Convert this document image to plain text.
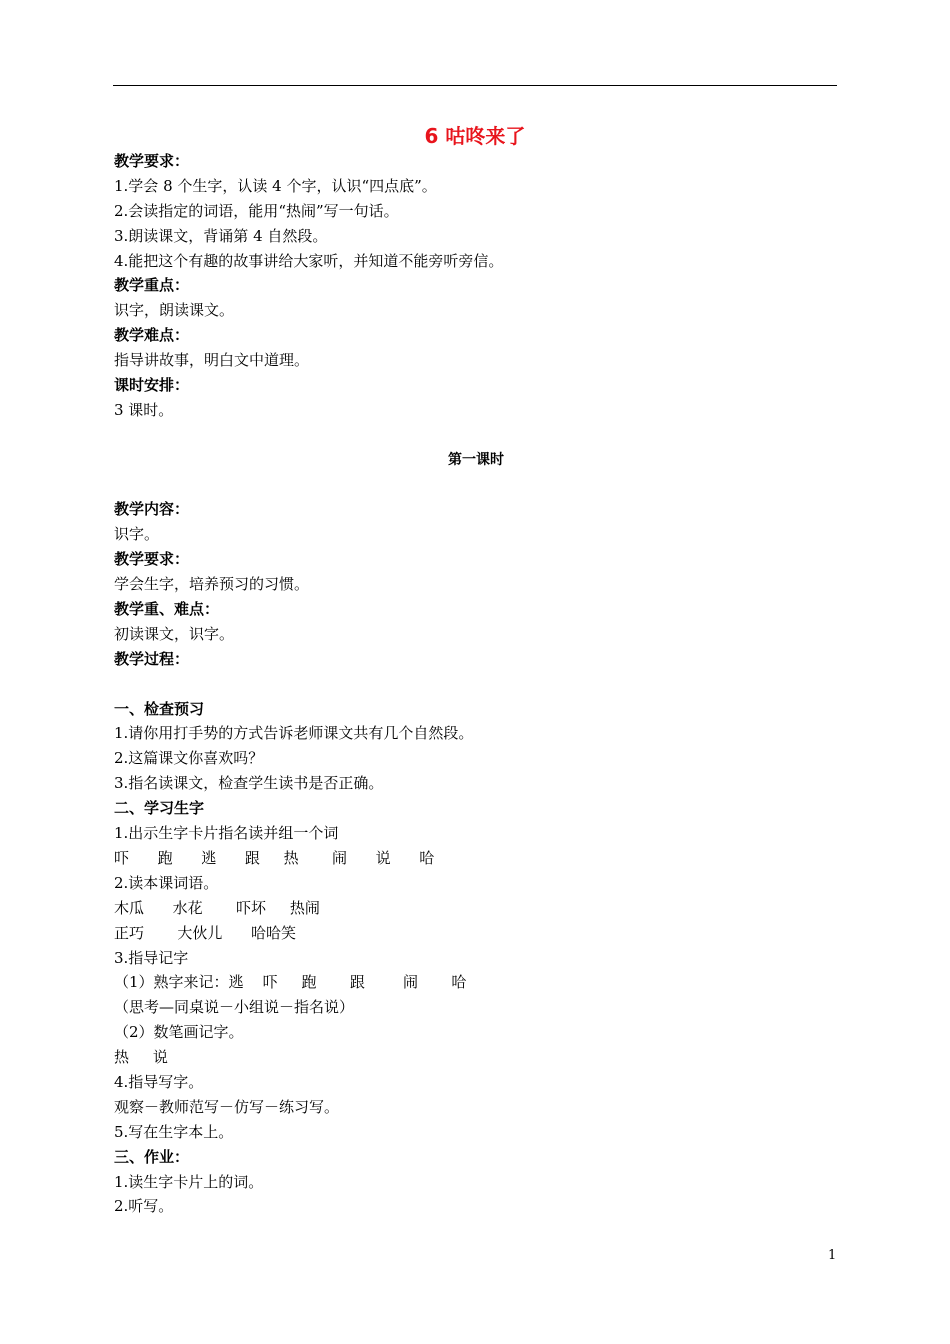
6 咕咚来了
教学要求：
1.学会 8 个生字，认读 4 个字，认识“四点底”。
2.会读指定的词语，能用“热闹”写一句话。
3.朗读课文，背诵第 4 自然段。
4.能把这个有趣的故事讲给大家听，并知道不能旁听旁信。
教学重点：
识字，朗读课文。
教学难点：
指导讲故事，明白文中道理。
课时安排：
3 课时。
第一课时
教学内容：
识字。
教学要求：
学会生字，培养预习的习惯。
教学重、难点：
初读课文，识字。
教学过程：
一、检查预习
1.请你用打手势的方式告诉老师课文共有几个自然段。
2.这篇课文你喜欢吗？
3.指名读课文，检查学生读书是否正确。
二、学习生字
1.出示生字卡片指名读并组一个词
吓      跑      逃      跟     热       闹      说      哈
2.读本课词语。
木瓜      水花       吓坏     热闹
正巧       大伙儿      哈哈笑
3.指导记字
（1）熟字来记：逃    吓     跑       跟        闹       哈
（思考—同桌说－小组说－指名说）
（2）数笔画记字。
热     说
4.指导写字。
观察－教师范写－仿写－练习写。
5.写在生字本上。
三、作业：
1.读生字卡片上的词。
2.听写。
1
